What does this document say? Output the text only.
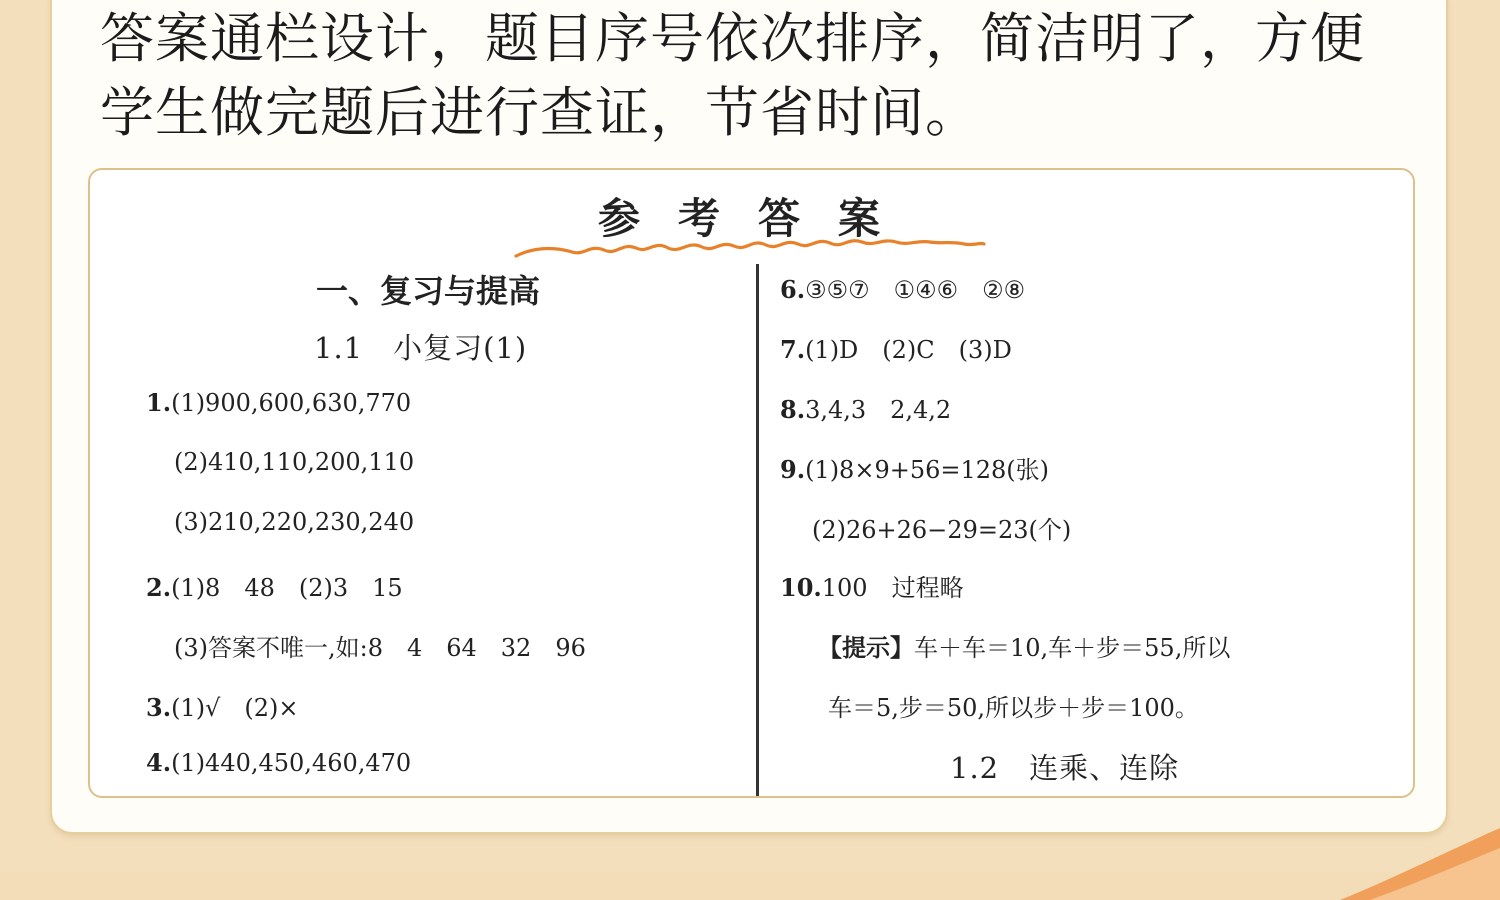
答案通栏设计，题目序号依次排序，简洁明了，方便学生做完题后进行查证，节省时间。

参考答案
一、复习与提高
1.1　小复习(1)
1.(1)900,600,630,770
(2)410,110,200,110
(3)210,220,230,240
2.(1)8　48　(2)3　15
(3)答案不唯一,如:8　4　64　32　96
3.(1)√　(2)×
4.(1)440,450,460,470
6.③⑤⑦　①④⑥　②⑧
7.(1)D　(2)C　(3)D
8.3,4,3　2,4,2
9.(1)8×9+56=128(张)
(2)26+26−29=23(个)
10.100　过程略
【提示】车＋车＝10,车＋步＝55,所以
车＝5,步＝50,所以步＋步＝100。
1.2　连乘、连除
